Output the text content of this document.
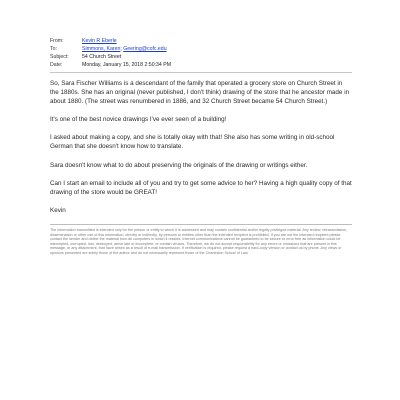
From:	Kevin R Eberle
To:	Simmons, Karen; Geering@cofc.edu
Subject:	54 Church Street
Date:	Monday, January 15, 2018 2:50:34 PM

So, Sara Fischer Williams is a descendant of the family that operated a grocery store on Church Street in the 1880s. She has an original (never published, I don't think) drawing of the store that he ancestor made in about 1880. (The street was renumbered in 1886, and 32 Church Street became 54 Church Street.)

It's one of the best novice drawings I've ever seen of a building!

I asked about making a copy, and she is totally okay with that! She also has some writing in old-school German that she doesn't know how to translate.

Sara doesn't know what to do about preserving the originals of the drawing or writings either.

Can I start an email to include all of you and try to get some advice to her? Having a high quality copy of that drawing of the store would be GREAT!

Kevin

The information transmitted is intended only for the person or entity to which it is addressed and may contain confidential and/or legally privileged material. Any review, retransmission, dissemination or other use of this information, directly or indirectly, by persons or entities other than the intended recipient is prohibited. If you are not the intended recipient please contact the sender and delete the material from all computers in which it resides. Internet communications cannot be guaranteed to be secure or error free as information could be intercepted, corrupted, lost, destroyed, arrive late or incomplete, or contain viruses. Therefore, we do not accept responsibility for any errors or omissions that are present in this message, or any attachment, that have arisen as a result of e-mail transmission. If verification is required, please request a hard-copy version or contact us by phone. Any views or opinions presented are solely those of the author and do not necessarily represent those of the Charleston School of Law.
